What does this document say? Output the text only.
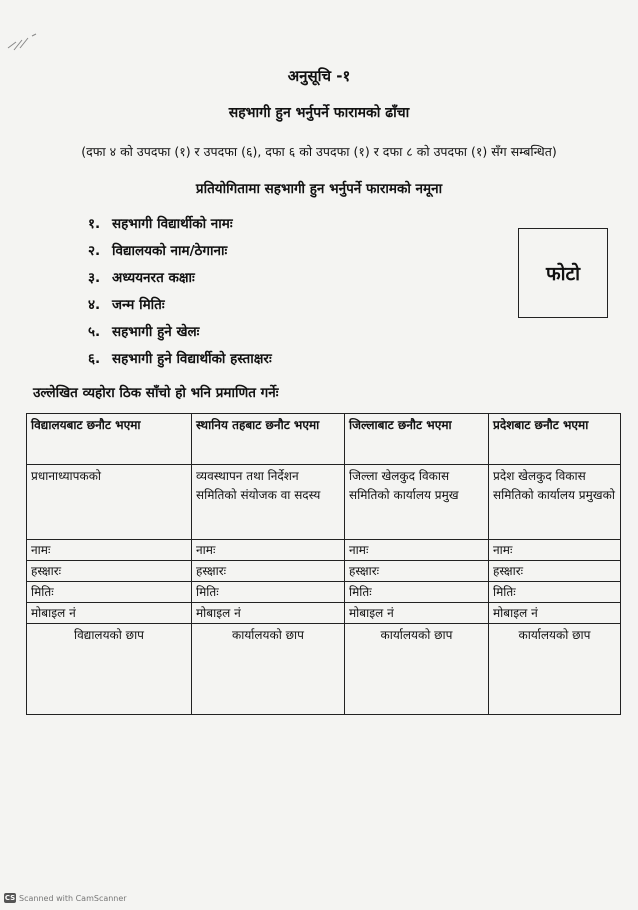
अनुसूचि -१
सहभागी हुन भर्नुपर्ने फारामको ढाँचा
(दफा ४ को उपदफा (१) र उपदफा (६), दफा ६ को उपदफा (१) र दफा ८ को उपदफा (१) सँग सम्बन्धित)
प्रतियोगितामा सहभागी हुन भर्नुपर्ने फारामको नमूना
१. सहभागी विद्यार्थीको नामः
२. विद्यालयको नाम/ठेगानाः
३. अध्ययनरत कक्षाः
४. जन्म मितिः
५. सहभागी हुने खेलः
६. सहभागी हुने विद्यार्थीको हस्ताक्षरः
फोटो
उल्लेखित व्यहोरा ठिक साँचो हो भनि प्रमाणित गर्नेः
विद्यालयबाट छनौट भएमा	स्थानिय तहबाट छनौट भएमा	जिल्लाबाट छनौट भएमा	प्रदेशबाट छनौट भएमा
प्रधानाध्यापकको	व्यवस्थापन तथा निर्देशन समितिको संयोजक वा सदस्य	जिल्ला खेलकुद विकास समितिको कार्यालय प्रमुख	प्रदेश खेलकुद विकास समितिको कार्यालय प्रमुखको
नामः	नामः	नामः	नामः
हस्क्षारः	हस्क्षारः	हस्क्षारः	हस्क्षारः
मितिः	मितिः	मितिः	मितिः
मोबाइल नं	मोबाइल नं	मोबाइल नं	मोबाइल नं
विद्यालयको छाप	कार्यालयको छाप	कार्यालयको छाप	कार्यालयको छाप
CS Scanned with CamScanner
